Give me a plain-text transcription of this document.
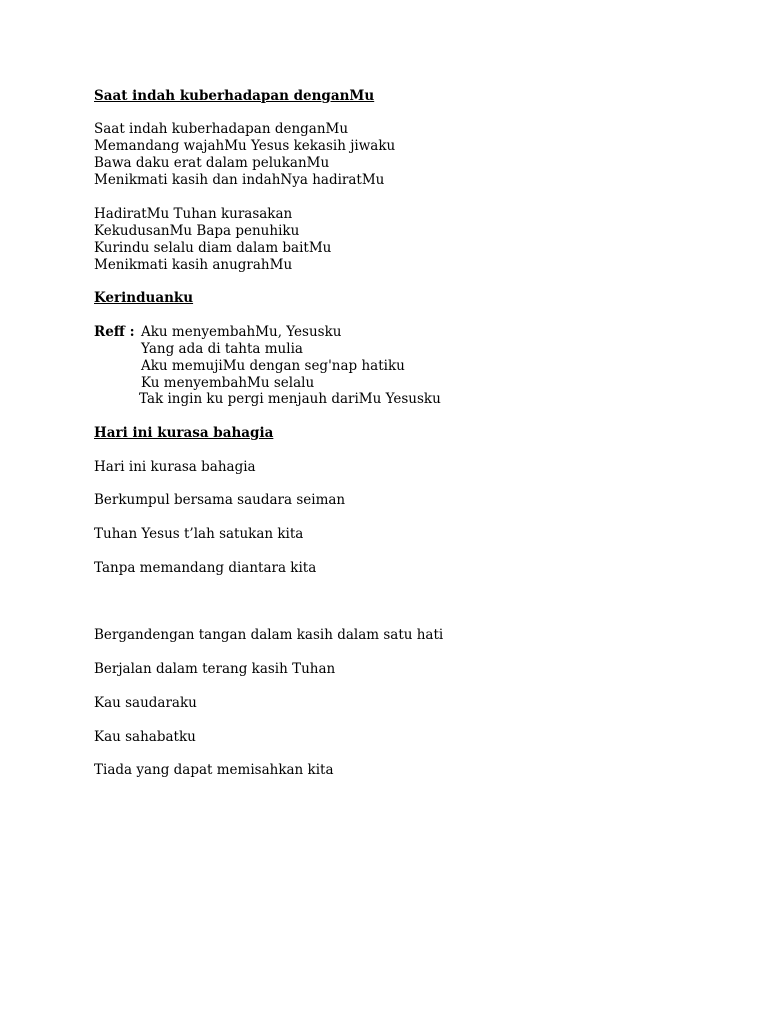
Saat indah kuberhadapan denganMu
Saat indah kuberhadapan denganMu
Memandang wajahMu Yesus kekasih jiwaku
Bawa daku erat dalam pelukanMu
Menikmati kasih dan indahNya hadiratMu
HadiratMu Tuhan kurasakan
KekudusanMu Bapa penuhiku
Kurindu selalu diam dalam baitMu
Menikmati kasih anugrahMu
Kerinduanku
Reff : Aku menyembahMu, Yesusku
Yang ada di tahta mulia
Aku memujiMu dengan seg'nap hatiku
Ku menyembahMu selalu
Tak ingin ku pergi menjauh dariMu Yesusku
Hari ini kurasa bahagia
Hari ini kurasa bahagia
Berkumpul bersama saudara seiman
Tuhan Yesus t’lah satukan kita
Tanpa memandang diantara kita
Bergandengan tangan dalam kasih dalam satu hati
Berjalan dalam terang kasih Tuhan
Kau saudaraku
Kau sahabatku
Tiada yang dapat memisahkan kita
